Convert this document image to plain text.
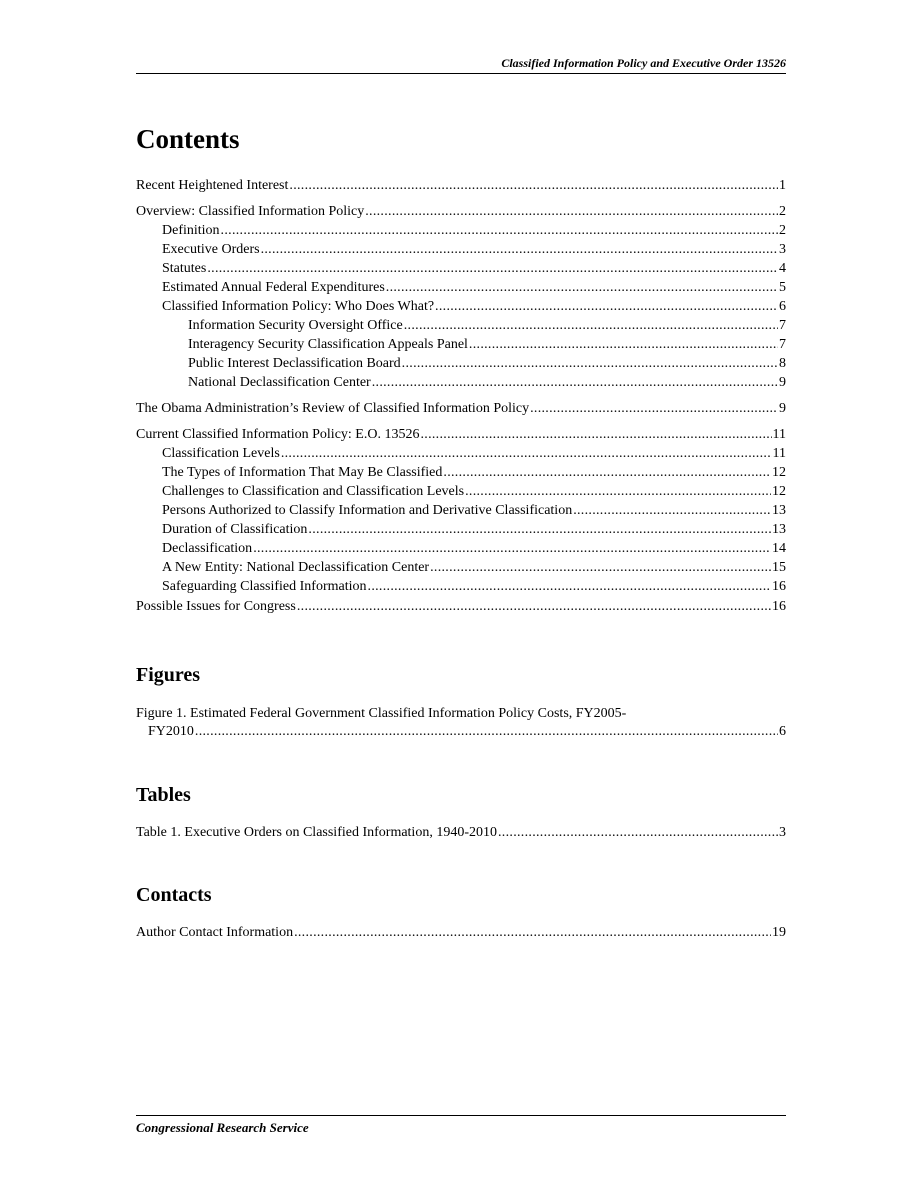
Classified Information Policy and Executive Order 13526
Contents
Recent Heightened Interest .....	1
Overview: Classified Information Policy .....	2
Definition .....	2
Executive Orders .....	3
Statutes .....	4
Estimated Annual Federal Expenditures .....	5
Classified Information Policy: Who Does What? .....	6
Information Security Oversight Office .....	7
Interagency Security Classification Appeals Panel .....	7
Public Interest Declassification Board .....	8
National Declassification Center .....	9
The Obama Administration’s Review of Classified Information Policy .....	9
Current Classified Information Policy: E.O. 13526 .....	11
Classification Levels .....	11
The Types of Information That May Be Classified .....	12
Challenges to Classification and Classification Levels .....	12
Persons Authorized to Classify Information and Derivative Classification .....	13
Duration of Classification .....	13
Declassification .....	14
A New Entity: National Declassification Center .....	15
Safeguarding Classified Information .....	16
Possible Issues for Congress .....	16
Figures
Figure 1. Estimated Federal Government Classified Information Policy Costs, FY2005-
FY2010 .....	6
Tables
Table 1. Executive Orders on Classified Information, 1940-2010 .....	3
Contacts
Author Contact Information .....	19
Congressional Research Service
